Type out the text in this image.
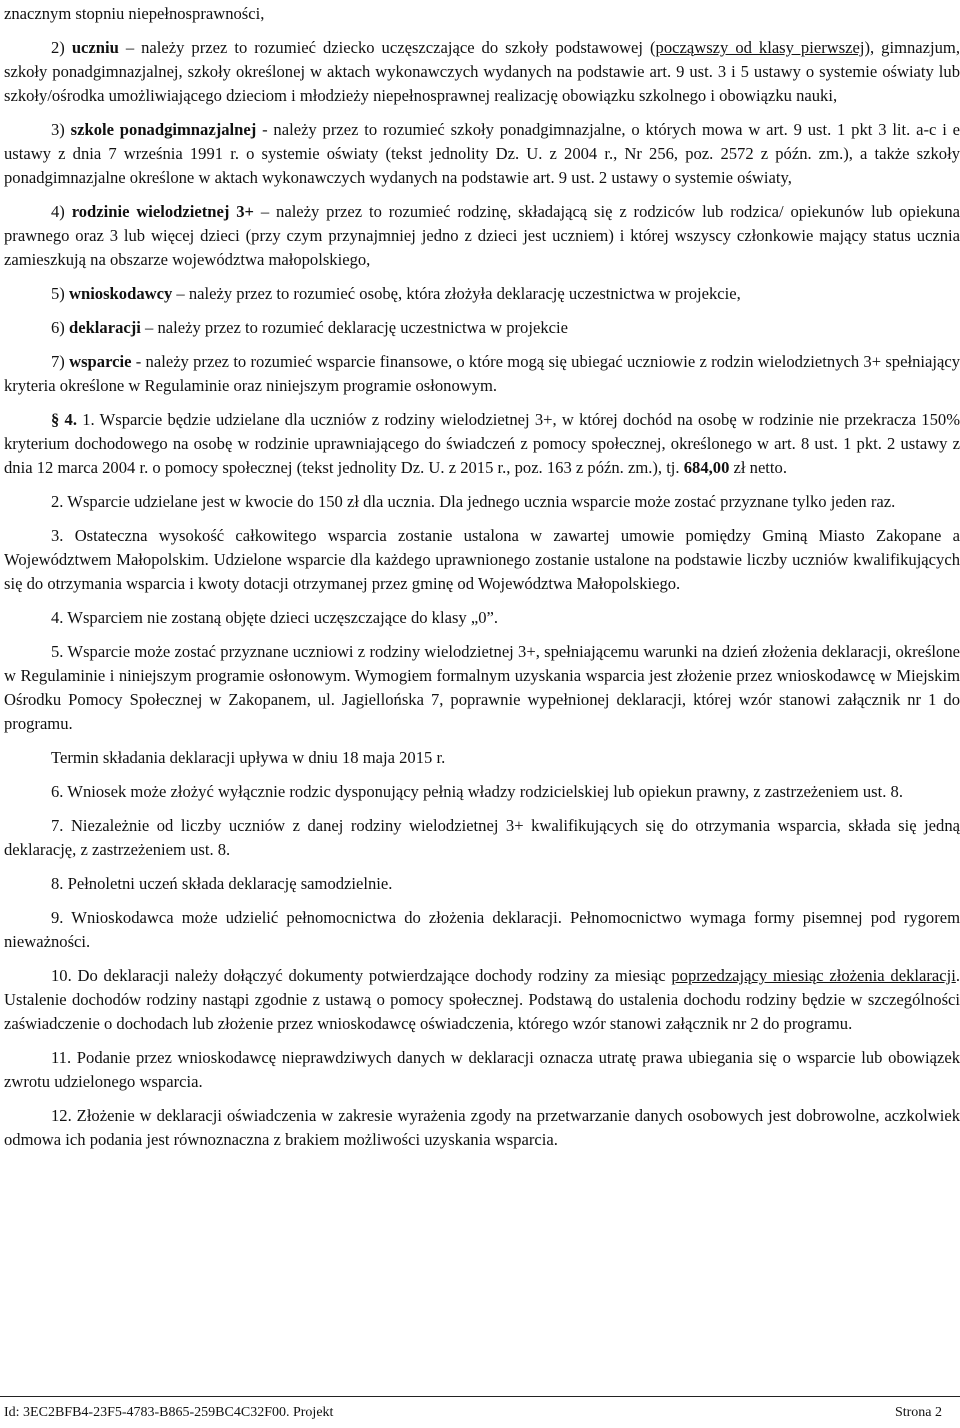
znacznym stopniu niepełnosprawności,

2) uczniu – należy przez to rozumieć dziecko uczęszczające do szkoły podstawowej (począwszy od klasy pierwszej), gimnazjum, szkoły ponadgimnazjalnej, szkoły określonej w aktach wykonawczych wydanych na podstawie art. 9 ust. 3 i 5 ustawy o systemie oświaty lub szkoły/ośrodka umożliwiającego dzieciom i młodzieży niepełnosprawnej realizację obowiązku szkolnego i obowiązku nauki,

3) szkole ponadgimnazjalnej - należy przez to rozumieć szkoły ponadgimnazjalne, o których mowa w art. 9 ust. 1 pkt 3 lit. a-c i e ustawy z dnia 7 września 1991 r. o systemie oświaty (tekst jednolity Dz. U. z 2004 r., Nr 256, poz. 2572 z późn. zm.), a także szkoły ponadgimnazjalne określone w aktach wykonawczych wydanych na podstawie art. 9 ust. 2 ustawy o systemie oświaty,

4) rodzinie wielodzietnej 3+ – należy przez to rozumieć rodzinę, składającą się z rodziców lub rodzica/ opiekunów lub opiekuna prawnego oraz 3 lub więcej dzieci (przy czym przynajmniej jedno z dzieci jest uczniem) i której wszyscy członkowie mający status ucznia zamieszkują na obszarze województwa małopolskiego,

5) wnioskodawcy – należy przez to rozumieć osobę, która złożyła deklarację uczestnictwa w projekcie,

6) deklaracji – należy przez to rozumieć deklarację uczestnictwa w projekcie

7) wsparcie - należy przez to rozumieć wsparcie finansowe, o które mogą się ubiegać uczniowie z rodzin wielodzietnych 3+ spełniający kryteria określone w Regulaminie oraz niniejszym programie osłonowym.

§ 4. 1. Wsparcie będzie udzielane dla uczniów z rodziny wielodzietnej 3+, w której dochód na osobę w rodzinie nie przekracza 150% kryterium dochodowego na osobę w rodzinie uprawniającego do świadczeń z pomocy społecznej, określonego w art. 8 ust. 1 pkt. 2 ustawy z dnia 12 marca 2004 r. o pomocy społecznej (tekst jednolity Dz. U. z 2015 r., poz. 163 z późn. zm.), tj. 684,00 zł netto.

2. Wsparcie udzielane jest w kwocie do 150 zł dla ucznia. Dla jednego ucznia wsparcie może zostać przyznane tylko jeden raz.

3. Ostateczna wysokość całkowitego wsparcia zostanie ustalona w zawartej umowie pomiędzy Gminą Miasto Zakopane a Województwem Małopolskim. Udzielone wsparcie dla każdego uprawnionego zostanie ustalone na podstawie liczby uczniów kwalifikujących się do otrzymania wsparcia i kwoty dotacji otrzymanej przez gminę od Województwa Małopolskiego.

4. Wsparciem nie zostaną objęte dzieci uczęszczające do klasy „0”.

5. Wsparcie może zostać przyznane uczniowi z rodziny wielodzietnej 3+, spełniającemu warunki na dzień złożenia deklaracji, określone w Regulaminie i niniejszym programie osłonowym. Wymogiem formalnym uzyskania wsparcia jest złożenie przez wnioskodawcę w Miejskim Ośrodku Pomocy Społecznej w Zakopanem, ul. Jagiellońska 7, poprawnie wypełnionej deklaracji, której wzór stanowi załącznik nr 1 do programu.

Termin składania deklaracji upływa w dniu 18 maja 2015 r.

6. Wniosek może złożyć wyłącznie rodzic dysponujący pełnią władzy rodzicielskiej lub opiekun prawny, z zastrzeżeniem ust. 8.

7. Niezależnie od liczby uczniów z danej rodziny wielodzietnej 3+ kwalifikujących się do otrzymania wsparcia, składa się jedną deklarację, z zastrzeżeniem ust. 8.

8. Pełnoletni uczeń składa deklarację samodzielnie.

9. Wnioskodawca może udzielić pełnomocnictwa do złożenia deklaracji. Pełnomocnictwo wymaga formy pisemnej pod rygorem nieważności.

10. Do deklaracji należy dołączyć dokumenty potwierdzające dochody rodziny za miesiąc poprzedzający miesiąc złożenia deklaracji. Ustalenie dochodów rodziny nastąpi zgodnie z ustawą o pomocy społecznej. Podstawą do ustalenia dochodu rodziny będzie w szczególności zaświadczenie o dochodach lub złożenie przez wnioskodawcę oświadczenia, którego wzór stanowi załącznik nr 2 do programu.

11. Podanie przez wnioskodawcę nieprawdziwych danych w deklaracji oznacza utratę prawa ubiegania się o wsparcie lub obowiązek zwrotu udzielonego wsparcia.

12. Złożenie w deklaracji oświadczenia w zakresie wyrażenia zgody na przetwarzanie danych osobowych jest dobrowolne, aczkolwiek odmowa ich podania jest równoznaczna z brakiem możliwości uzyskania wsparcia.

Id: 3EC2BFB4-23F5-4783-B865-259BC4C32F00. Projekt	Strona 2
